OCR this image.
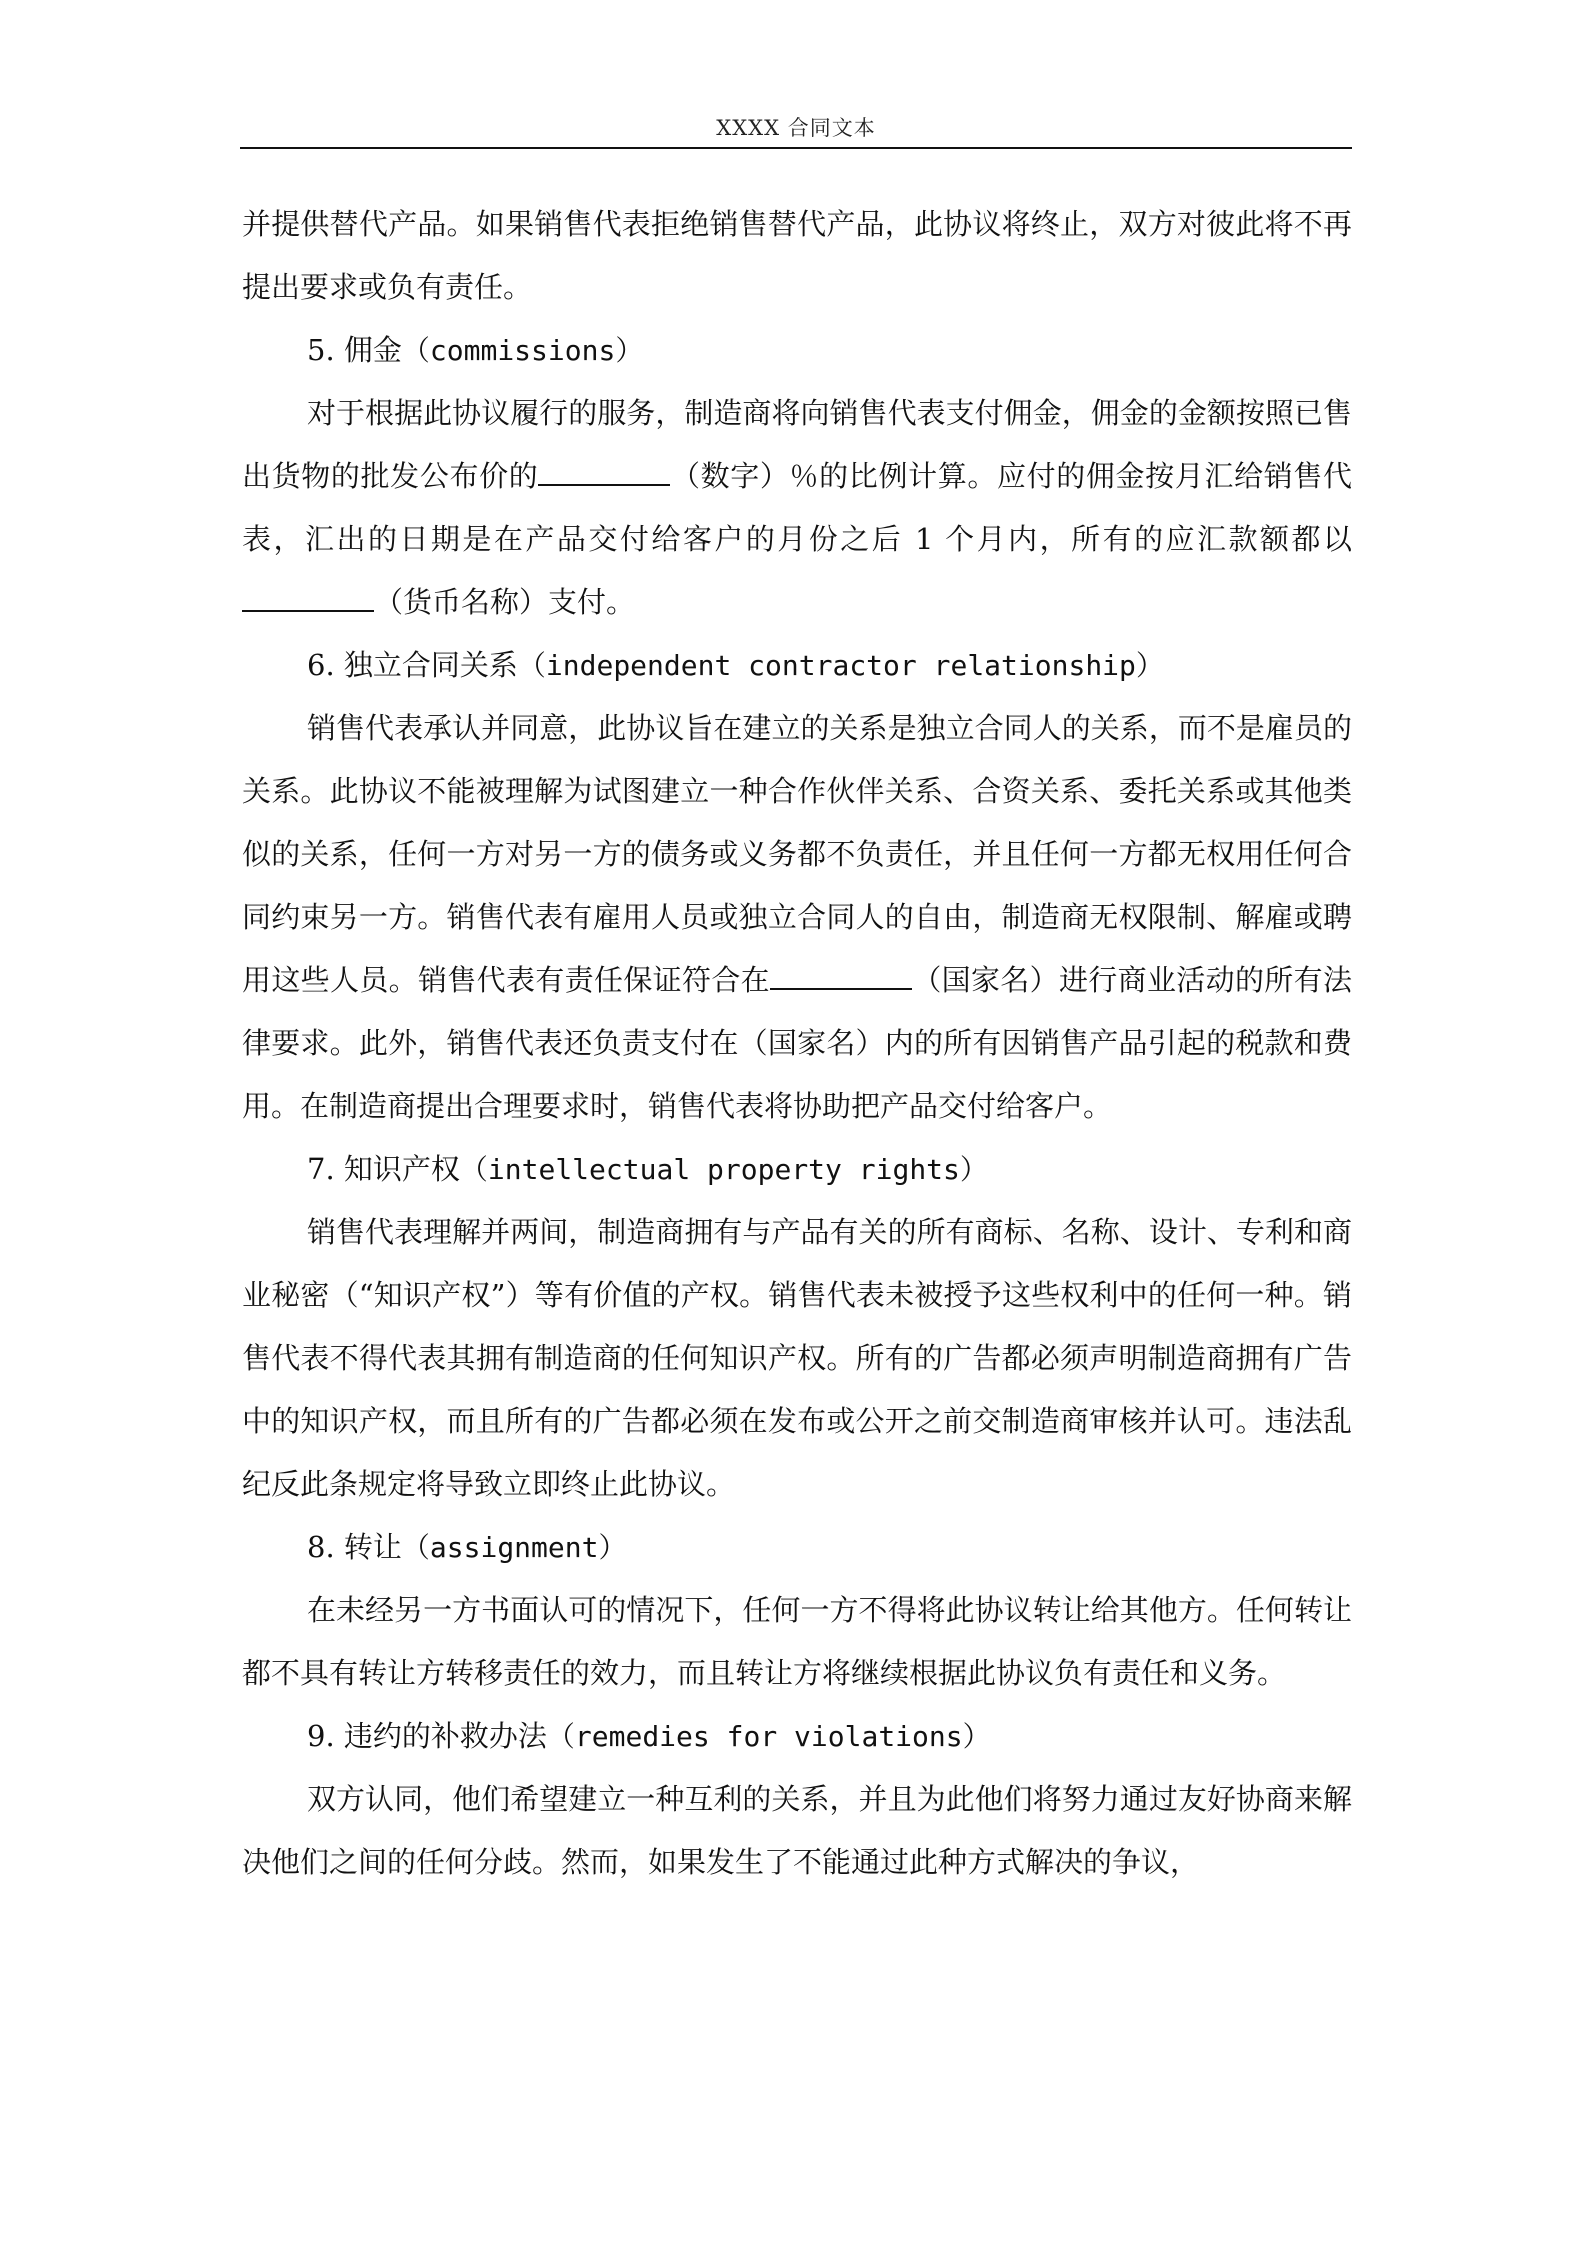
XXXX 合同文本

并提供替代产品。如果销售代表拒绝销售替代产品，此协议将终止，双方对彼此将不再提出要求或负有责任。

5. 佣金（commissions）

对于根据此协议履行的服务，制造商将向销售代表支付佣金，佣金的金额按照已售出货物的批发公布价的	（数字）％的比例计算。应付的佣金按月汇给销售代表，汇出的日期是在产品交付给客户的月份之后 1 个月内，所有的应汇款额都以（货币名称）支付。

6. 独立合同关系（independent contractor relationship）

销售代表承认并同意，此协议旨在建立的关系是独立合同人的关系，而不是雇员的关系。此协议不能被理解为试图建立一种合作伙伴关系、合资关系、委托关系或其他类似的关系，任何一方对另一方的债务或义务都不负责任，并且任何一方都无权用任何合同约束另一方。销售代表有雇用人员或独立合同人的自由，制造商无权限制、解雇或聘用这些人员。销售代表有责任保证符合在	（国家名）进行商业活动的所有法律要求。此外，销售代表还负责支付在（国家名）内的所有因销售产品引起的税款和费用。在制造商提出合理要求时，销售代表将协助把产品交付给客户。

7. 知识产权（intellectual property rights）

销售代表理解并两间，制造商拥有与产品有关的所有商标、名称、设计、专利和商业秘密（“知识产权”）等有价值的产权。销售代表未被授予这些权利中的任何一种。销售代表不得代表其拥有制造商的任何知识产权。所有的广告都必须声明制造商拥有广告中的知识产权，而且所有的广告都必须在发布或公开之前交制造商审核并认可。违法乱纪反此条规定将导致立即终止此协议。

8. 转让（assignment）

在未经另一方书面认可的情况下，任何一方不得将此协议转让给其他方。任何转让都不具有转让方转移责任的效力，而且转让方将继续根据此协议负有责任和义务。

9. 违约的补救办法（remedies for violations）

双方认同，他们希望建立一种互利的关系，并且为此他们将努力通过友好协商来解决他们之间的任何分歧。然而，如果发生了不能通过此种方式解决的争议，
